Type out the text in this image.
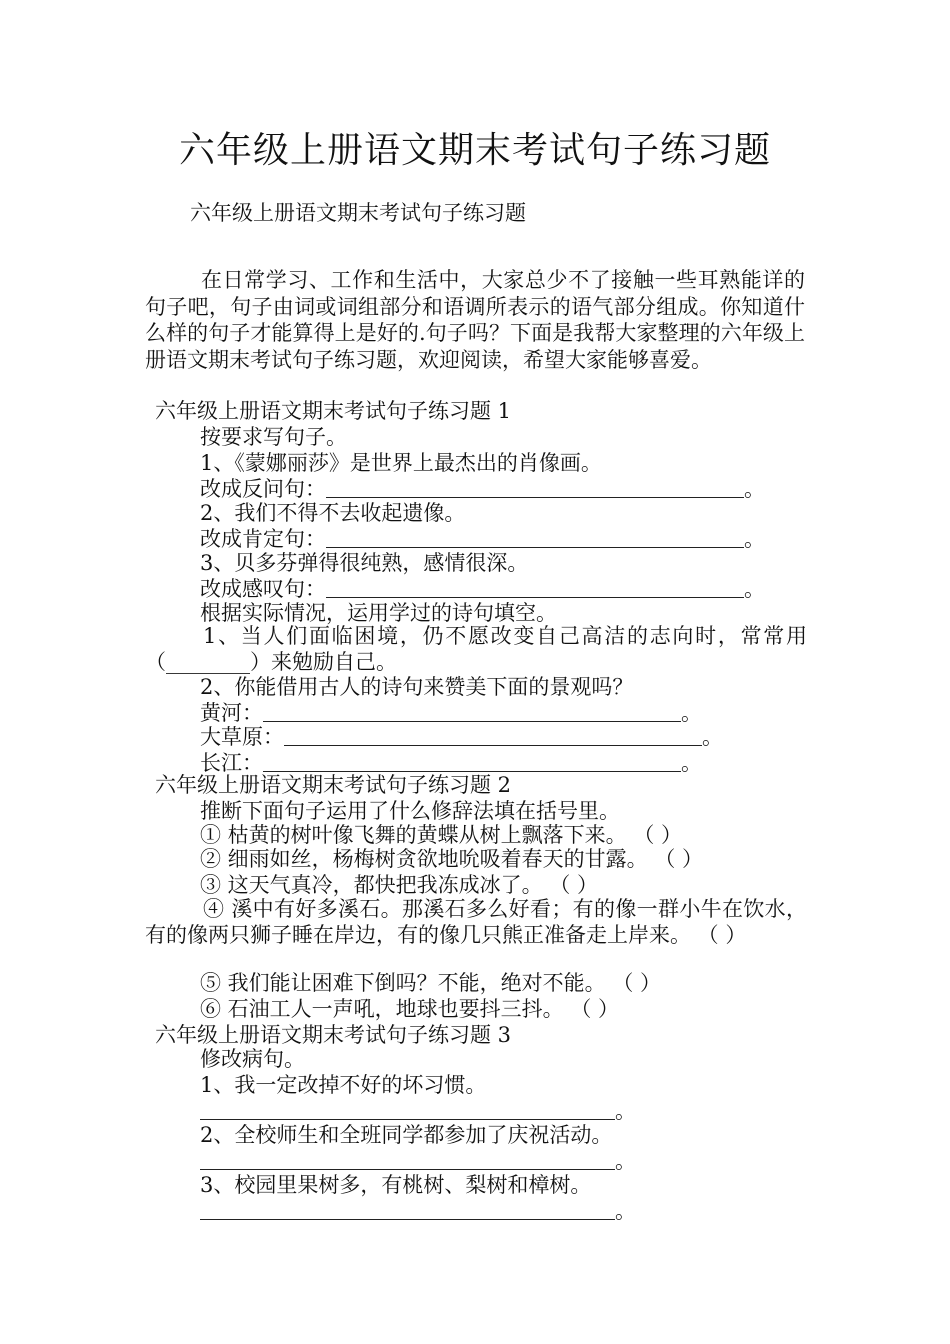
六年级上册语文期末考试句子练习题
六年级上册语文期末考试句子练习题
在日常学习、工作和生活中，大家总少不了接触一些耳熟能详的句子吧，句子由词或词组部分和语调所表示的语气部分组成。你知道什么样的句子才能算得上是好的.句子吗？下面是我帮大家整理的六年级上册语文期末考试句子练习题，欢迎阅读，希望大家能够喜爱。
六年级上册语文期末考试句子练习题 1
按要求写句子。
1、《蒙娜丽莎》是世界上最杰出的肖像画。
改成反问句：	。
2、我们不得不去收起遗像。
改成肯定句：	。
3、贝多芬弹得很纯熟，感情很深。
改成感叹句：	。
根据实际情况，运用学过的诗句填空。
1、当人们面临困境，仍不愿改变自己高洁的志向时，常常用（________）来勉励自己。
2、你能借用古人的诗句来赞美下面的景观吗？
黄河：	。
大草原：	。
长江：	。
六年级上册语文期末考试句子练习题 2
推断下面句子运用了什么修辞法填在括号里。
① 枯黄的树叶像飞舞的黄蝶从树上飘落下来。 （ ）
② 细雨如丝，杨梅树贪欲地吮吸着春天的甘露。 （ ）
③ 这天气真冷，都快把我冻成冰了。 （ ）
④ 溪中有好多溪石。那溪石多么好看；有的像一群小牛在饮水，有的像两只狮子睡在岸边，有的像几只熊正准备走上岸来。 （ ）
⑤ 我们能让困难下倒吗？不能，绝对不能。 （ ）
⑥ 石油工人一声吼，地球也要抖三抖。 （ ）
六年级上册语文期末考试句子练习题 3
修改病句。
1、我一定改掉不好的坏习惯。
。
2、全校师生和全班同学都参加了庆祝活动。
。
3、校园里果树多，有桃树、梨树和樟树。
。
